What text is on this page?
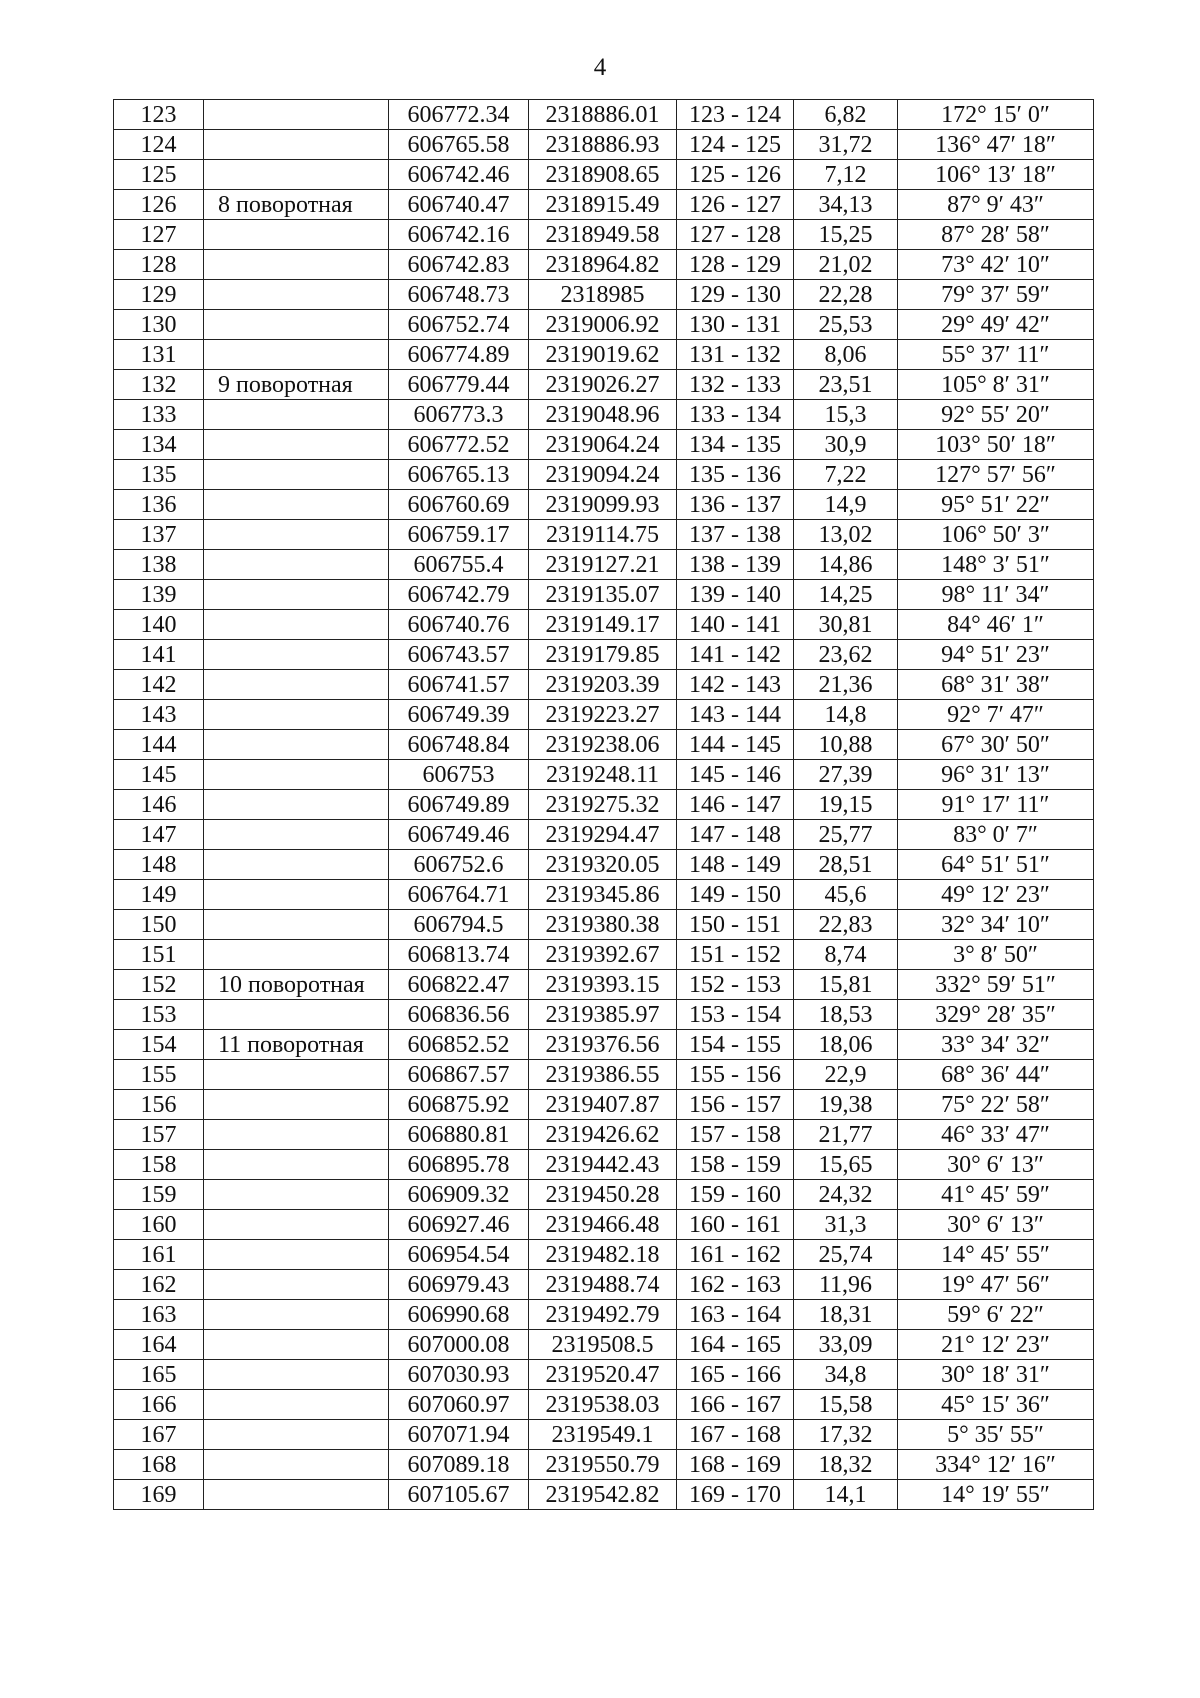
4
123		606772.34	2318886.01	123 - 124	6,82	172° 15′ 0″
124		606765.58	2318886.93	124 - 125	31,72	136° 47′ 18″
125		606742.46	2318908.65	125 - 126	7,12	106° 13′ 18″
126	8 поворотная	606740.47	2318915.49	126 - 127	34,13	87° 9′ 43″
127		606742.16	2318949.58	127 - 128	15,25	87° 28′ 58″
128		606742.83	2318964.82	128 - 129	21,02	73° 42′ 10″
129		606748.73	2318985	129 - 130	22,28	79° 37′ 59″
130		606752.74	2319006.92	130 - 131	25,53	29° 49′ 42″
131		606774.89	2319019.62	131 - 132	8,06	55° 37′ 11″
132	9 поворотная	606779.44	2319026.27	132 - 133	23,51	105° 8′ 31″
133		606773.3	2319048.96	133 - 134	15,3	92° 55′ 20″
134		606772.52	2319064.24	134 - 135	30,9	103° 50′ 18″
135		606765.13	2319094.24	135 - 136	7,22	127° 57′ 56″
136		606760.69	2319099.93	136 - 137	14,9	95° 51′ 22″
137		606759.17	2319114.75	137 - 138	13,02	106° 50′ 3″
138		606755.4	2319127.21	138 - 139	14,86	148° 3′ 51″
139		606742.79	2319135.07	139 - 140	14,25	98° 11′ 34″
140		606740.76	2319149.17	140 - 141	30,81	84° 46′ 1″
141		606743.57	2319179.85	141 - 142	23,62	94° 51′ 23″
142		606741.57	2319203.39	142 - 143	21,36	68° 31′ 38″
143		606749.39	2319223.27	143 - 144	14,8	92° 7′ 47″
144		606748.84	2319238.06	144 - 145	10,88	67° 30′ 50″
145		606753	2319248.11	145 - 146	27,39	96° 31′ 13″
146		606749.89	2319275.32	146 - 147	19,15	91° 17′ 11″
147		606749.46	2319294.47	147 - 148	25,77	83° 0′ 7″
148		606752.6	2319320.05	148 - 149	28,51	64° 51′ 51″
149		606764.71	2319345.86	149 - 150	45,6	49° 12′ 23″
150		606794.5	2319380.38	150 - 151	22,83	32° 34′ 10″
151		606813.74	2319392.67	151 - 152	8,74	3° 8′ 50″
152	10 поворотная	606822.47	2319393.15	152 - 153	15,81	332° 59′ 51″
153		606836.56	2319385.97	153 - 154	18,53	329° 28′ 35″
154	11 поворотная	606852.52	2319376.56	154 - 155	18,06	33° 34′ 32″
155		606867.57	2319386.55	155 - 156	22,9	68° 36′ 44″
156		606875.92	2319407.87	156 - 157	19,38	75° 22′ 58″
157		606880.81	2319426.62	157 - 158	21,77	46° 33′ 47″
158		606895.78	2319442.43	158 - 159	15,65	30° 6′ 13″
159		606909.32	2319450.28	159 - 160	24,32	41° 45′ 59″
160		606927.46	2319466.48	160 - 161	31,3	30° 6′ 13″
161		606954.54	2319482.18	161 - 162	25,74	14° 45′ 55″
162		606979.43	2319488.74	162 - 163	11,96	19° 47′ 56″
163		606990.68	2319492.79	163 - 164	18,31	59° 6′ 22″
164		607000.08	2319508.5	164 - 165	33,09	21° 12′ 23″
165		607030.93	2319520.47	165 - 166	34,8	30° 18′ 31″
166		607060.97	2319538.03	166 - 167	15,58	45° 15′ 36″
167		607071.94	2319549.1	167 - 168	17,32	5° 35′ 55″
168		607089.18	2319550.79	168 - 169	18,32	334° 12′ 16″
169		607105.67	2319542.82	169 - 170	14,1	14° 19′ 55″
